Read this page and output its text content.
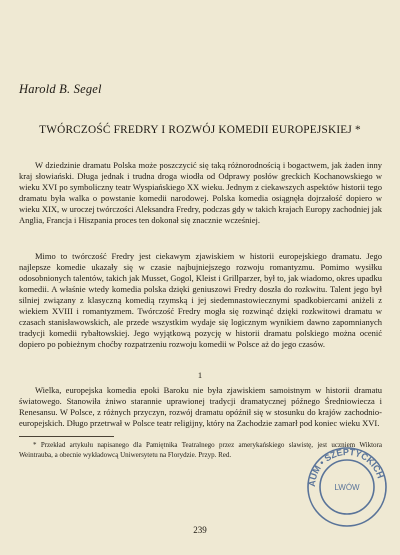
Harold B. Segel
TWÓRCZOŚĆ FREDRY I ROZWÓJ KOMEDII EUROPEJSKIEJ *

W dziedzinie dramatu Polska może poszczycić się taką różnorodnością i bogactwem, jak żaden inny kraj słowiański. Długa jednak i trudna droga wiodła od Odprawy posłów greckich Kochanowskiego w wieku XVI po symboliczny teatr Wyspiańskiego XX wieku. Jednym z ciekawszych aspektów historii tego dramatu była walka o powstanie komedii narodowej. Polska komedia osiągnęła dojrzałość dopiero w wieku XIX, w uroczej twórczości Aleksandra Fredry, podczas gdy w takich krajach Europy zachodniej jak Anglia, Francja i Hiszpania proces ten dokonał się znacznie wcześniej.

Mimo to twórczość Fredry jest ciekawym zjawiskiem w historii europejskiego dramatu. Jego najlepsze komedie ukazały się w czasie najbujniejszego rozwoju romantyzmu. Pomimo wysiłku odosobnionych talentów, takich jak Musset, Gogol, Kleist i Grillparzer, był to, jak wiadomo, okres upadku komedii. A właśnie wtedy komedia polska dzięki geniuszowi Fredry doszła do rozkwitu. Talent jego był silniej związany z klasyczną komedią rzymską i jej siedemnastowiecznymi spadkobiercami aniżeli z wiekiem XVIII i romantyzmem. Twórczość Fredry mogła się rozwinąć dzięki rozkwitowi dramatu w czasach stanisławowskich, ale przede wszystkim wydaje się logicznym wynikiem dawno zapomnianych tradycji komedii rybałtowskiej. Jego wyjątkową pozycję w historii dramatu polskiego można ocenić dopiero po pobieżnym choćby rozpatrzeniu rozwoju komedii w Polsce aż do jego czasów.

1

Wielka, europejska komedia epoki Baroku nie była zjawiskiem samoistnym w historii dramatu światowego. Stanowiła żniwo starannie uprawionej tradycji dramatycznej późnego Średniowiecza i Renesansu. W Polsce, z różnych przyczyn, rozwój dramatu opóźnił się w stosunku do krajów zachodnio-europejskich. Długo przetrwał w Polsce teatr religijny, który na Zachodzie zamarł pod koniec wieku XVI.

* Przekład artykułu napisanego dla Pamiętnika Teatralnego przez amerykańskiego slawistę, jest uczniem Wiktora Weintrauba, a obecnie wykładowcą Uniwersytetu na Florydzie. Przyp. Red.

239
AUM • SZEPTYCKICH
LWÓW
